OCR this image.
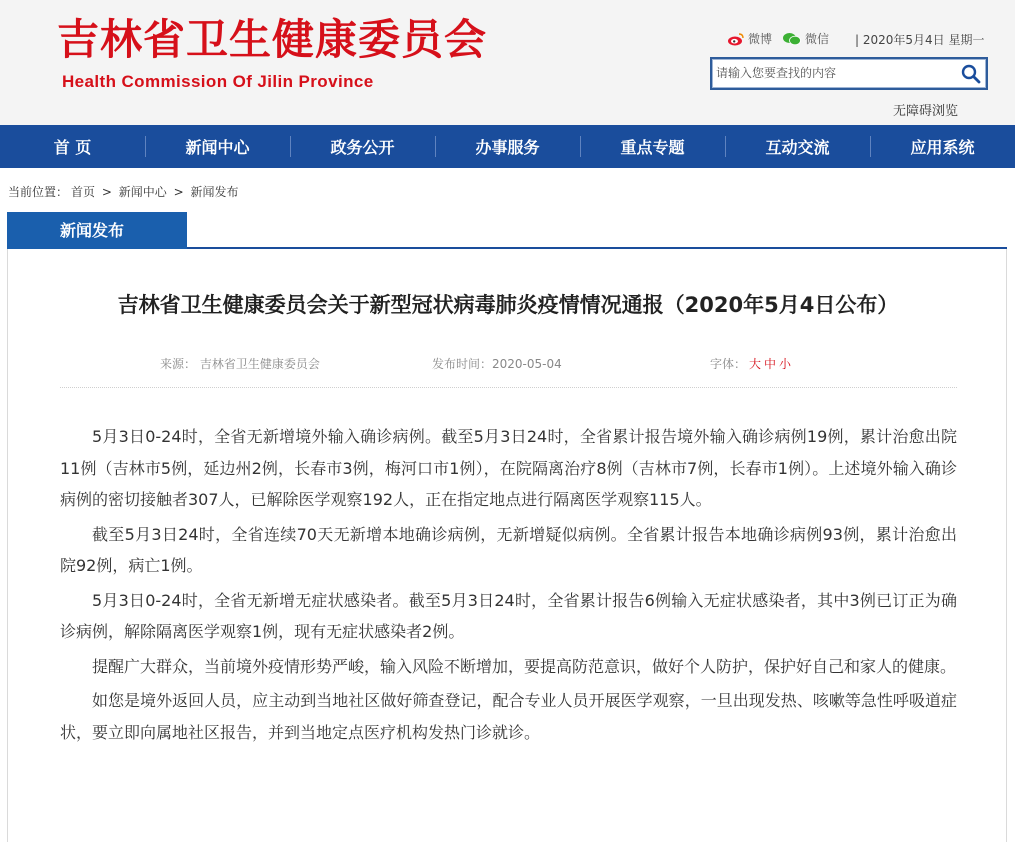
吉林省卫生健康委员会
Health Commission Of Jilin Province
微博	微信 | 2020年5月4日 星期一
请输入您要查找的内容
无障碍浏览
首 页	新闻中心	政务公开	办事服务	重点专题	互动交流	应用系统
当前位置： 首页 > 新闻中心 > 新闻发布
新闻发布
吉林省卫生健康委员会关于新型冠状病毒肺炎疫情情况通报（2020年5月4日公布）
来源： 吉林省卫生健康委员会	发布时间：2020-05-04	字体： 大 中 小

5月3日0-24时，全省无新增境外输入确诊病例。截至5月3日24时，全省累计报告境外输入确诊病例19例，累计治愈出院11例（吉林市5例，延边州2例，长春市3例，梅河口市1例），在院隔离治疗8例（吉林市7例，长春市1例）。上述境外输入确诊病例的密切接触者307人，已解除医学观察192人，正在指定地点进行隔离医学观察115人。

截至5月3日24时，全省连续70天无新增本地确诊病例，无新增疑似病例。全省累计报告本地确诊病例93例，累计治愈出院92例，病亡1例。

5月3日0-24时，全省无新增无症状感染者。截至5月3日24时，全省累计报告6例输入无症状感染者，其中3例已订正为确诊病例，解除隔离医学观察1例，现有无症状感染者2例。

提醒广大群众，当前境外疫情形势严峻，输入风险不断增加，要提高防范意识，做好个人防护，保护好自己和家人的健康。

如您是境外返回人员，应主动到当地社区做好筛查登记，配合专业人员开展医学观察，一旦出现发热、咳嗽等急性呼吸道症状，要立即向属地社区报告，并到当地定点医疗机构发热门诊就诊。
